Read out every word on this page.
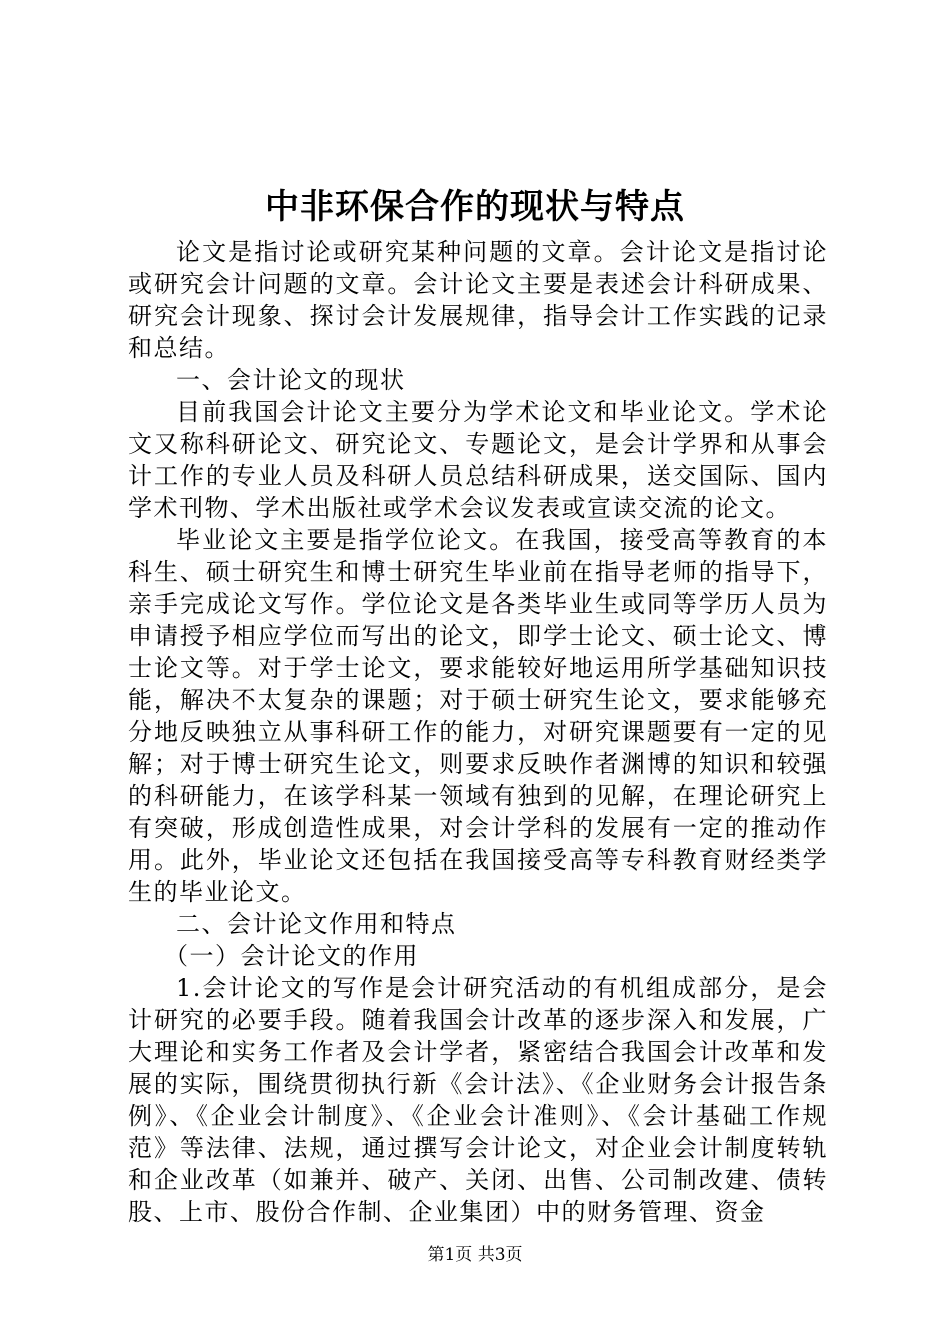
中非环保合作的现状与特点

论文是指讨论或研究某种问题的文章。会计论文是指讨论或研究会计问题的文章。会计论文主要是表述会计科研成果、研究会计现象、探讨会计发展规律，指导会计工作实践的记录和总结。

一、会计论文的现状

目前我国会计论文主要分为学术论文和毕业论文。学术论文又称科研论文、研究论文、专题论文，是会计学界和从事会计工作的专业人员及科研人员总结科研成果，送交国际、国内学术刊物、学术出版社或学术会议发表或宣读交流的论文。

毕业论文主要是指学位论文。在我国，接受高等教育的本科生、硕士研究生和博士研究生毕业前在指导老师的指导下，亲手完成论文写作。学位论文是各类毕业生或同等学历人员为申请授予相应学位而写出的论文，即学士论文、硕士论文、博士论文等。对于学士论文，要求能较好地运用所学基础知识技能，解决不太复杂的课题；对于硕士研究生论文，要求能够充分地反映独立从事科研工作的能力，对研究课题要有一定的见解；对于博士研究生论文，则要求反映作者渊博的知识和较强的科研能力，在该学科某一领域有独到的见解，在理论研究上有突破，形成创造性成果，对会计学科的发展有一定的推动作用。此外，毕业论文还包括在我国接受高等专科教育财经类学生的毕业论文。

二、会计论文作用和特点

（一）会计论文的作用

1.会计论文的写作是会计研究活动的有机组成部分，是会计研究的必要手段。随着我国会计改革的逐步深入和发展，广大理论和实务工作者及会计学者，紧密结合我国会计改革和发展的实际，围绕贯彻执行新《会计法》、《企业财务会计报告条例》、《企业会计制度》、《企业会计准则》、《会计基础工作规范》等法律、法规，通过撰写会计论文，对企业会计制度转轨和企业改革（如兼并、破产、关闭、出售、公司制改建、债转股、上市、股份合作制、企业集团）中的财务管理、资金

第1页 共3页
